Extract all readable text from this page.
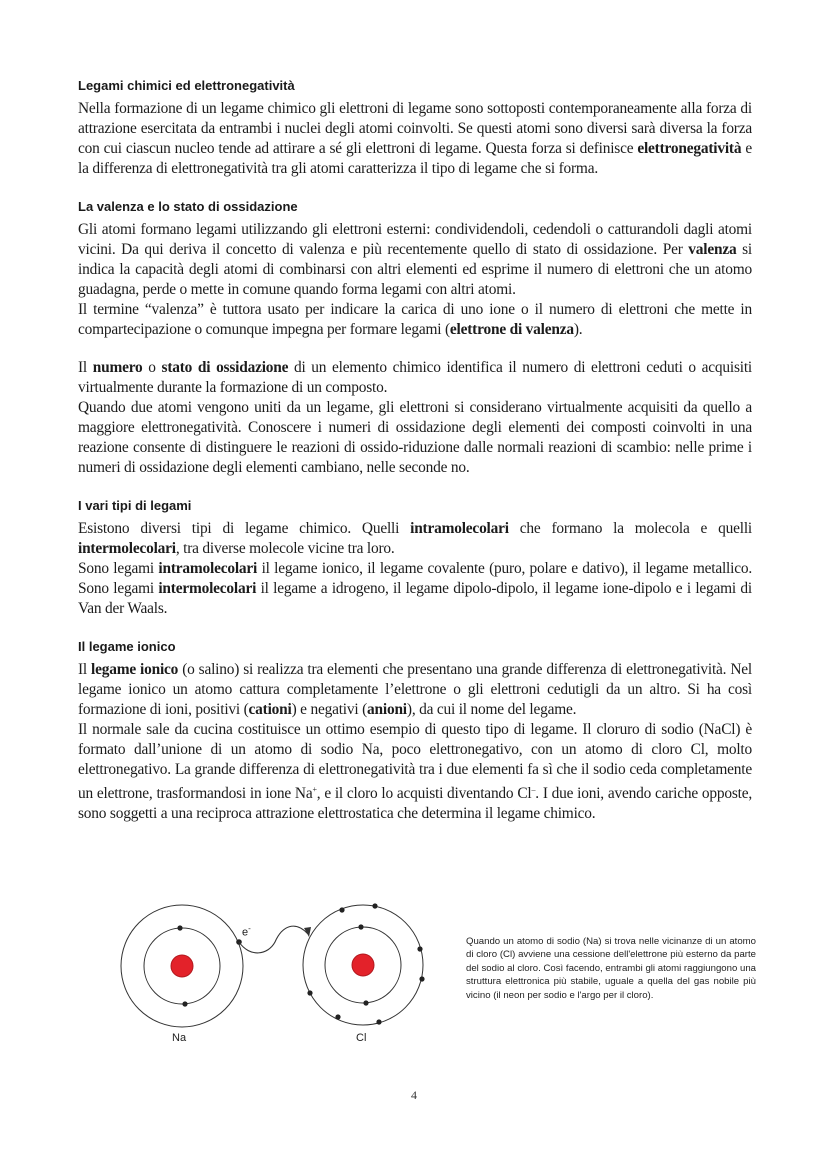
Legami chimici ed elettronegatività

Nella formazione di un legame chimico gli elettroni di legame sono sottoposti contemporaneamente alla forza di attrazione esercitata da entrambi i nuclei degli atomi coinvolti. Se questi atomi sono diversi sarà diversa la forza con cui ciascun nucleo tende ad attirare a sé gli elettroni di legame. Questa forza si definisce elettronegatività e la differenza di elettronegatività tra gli atomi caratterizza il tipo di legame che si forma.

La valenza e lo stato di ossidazione

Gli atomi formano legami utilizzando gli elettroni esterni: condividendoli, cedendoli o catturandoli dagli atomi vicini. Da qui deriva il concetto di valenza e più recentemente quello di stato di ossidazione. Per valenza si indica la capacità degli atomi di combinarsi con altri elementi ed esprime il numero di elettroni che un atomo guadagna, perde o mette in comune quando forma legami con altri atomi.

Il termine “valenza” è tuttora usato per indicare la carica di uno ione o il numero di elettroni che mette in compartecipazione o comunque impegna per formare legami (elettrone di valenza).

Il numero o stato di ossidazione di un elemento chimico identifica il numero di elettroni ceduti o acquisiti virtualmente durante la formazione di un composto.

Quando due atomi vengono uniti da un legame, gli elettroni si considerano virtualmente acquisiti da quello a maggiore elettronegatività. Conoscere i numeri di ossidazione degli elementi dei composti coinvolti in una reazione consente di distinguere le reazioni di ossido-riduzione dalle normali reazioni di scambio: nelle prime i numeri di ossidazione degli elementi cambiano, nelle seconde no.

I vari tipi di legami

Esistono diversi tipi di legame chimico. Quelli intramolecolari che formano la molecola e quelli intermolecolari, tra diverse molecole vicine tra loro.

Sono legami intramolecolari il legame ionico, il legame covalente (puro, polare e dativo), il legame metallico. Sono legami intermolecolari il legame a idrogeno, il legame dipolo-dipolo, il legame ione-dipolo e i legami di Van der Waals.

Il legame ionico

Il legame ionico (o salino) si realizza tra elementi che presentano una grande differenza di elettronegatività. Nel legame ionico un atomo cattura completamente l’elettrone o gli elettroni cedutigli da un altro. Si ha così formazione di ioni, positivi (cationi) e negativi (anioni), da cui il nome del legame.

Il normale sale da cucina costituisce un ottimo esempio di questo tipo di legame. Il cloruro di sodio (NaCl) è formato dall’unione di un atomo di sodio Na, poco elettronegativo, con un atomo di cloro Cl, molto elettronegativo. La grande differenza di elettronegatività tra i due elementi fa sì che il sodio ceda completamente un elettrone, trasformandosi in ione Na+, e il cloro lo acquisti diventando Cl–. I due ioni, avendo cariche opposte, sono soggetti a una reciproca attrazione elettrostatica che determina il legame chimico.

e-
Na	Cl
Quando un atomo di sodio (Na) si trova nelle vicinanze di un atomo di cloro (Cl) avviene una cessione dell'elettrone più esterno da parte del sodio al cloro. Così facendo, entrambi gli atomi raggiungono una struttura elettronica più stabile, uguale a quella del gas nobile più vicino (il neon per sodio e l'argo per il cloro).
4
